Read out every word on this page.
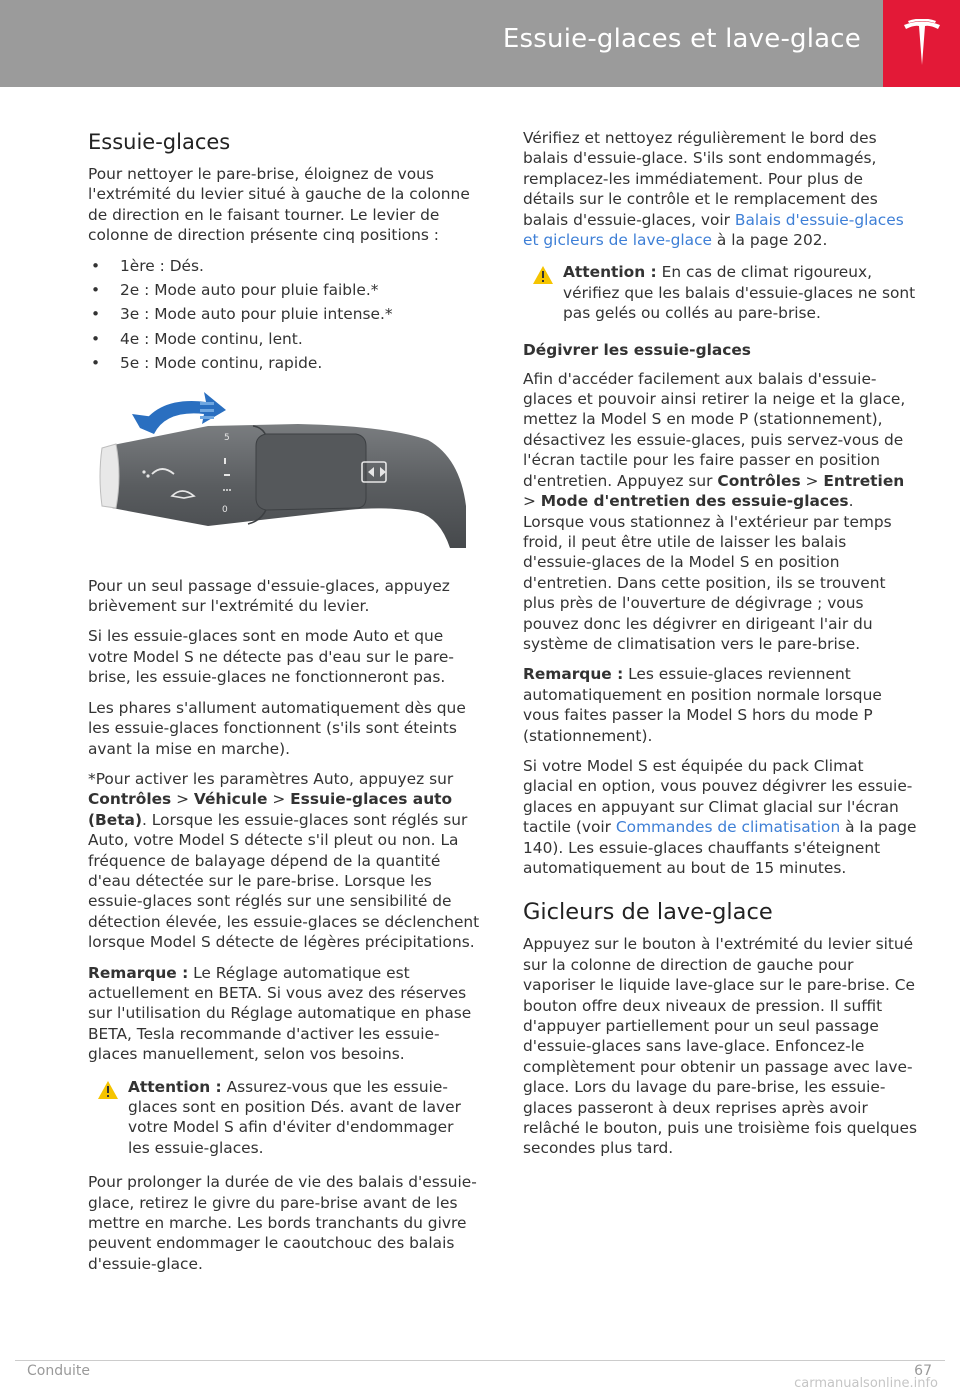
Essuie-glaces et lave-glace
Essuie-glaces

Pour nettoyer le pare-brise, éloignez de vous l'extrémité du levier situé à gauche de la colonne de direction en le faisant tourner. Le levier de colonne de direction présente cinq positions :

• 1ère : Dés.
• 2e : Mode auto pour pluie faible.*
• 3e : Mode auto pour pluie intense.*
• 4e : Mode continu, lent.
• 5e : Mode continu, rapide.
5
0

Pour un seul passage d'essuie-glaces, appuyez brièvement sur l'extrémité du levier.

Si les essuie-glaces sont en mode Auto et que votre Model S ne détecte pas d'eau sur le pare-brise, les essuie-glaces ne fonctionneront pas.

Les phares s'allument automatiquement dès que les essuie-glaces fonctionnent (s'ils sont éteints avant la mise en marche).

*Pour activer les paramètres Auto, appuyez sur Contrôles > Véhicule > Essuie-glaces auto (Beta). Lorsque les essuie-glaces sont réglés sur Auto, votre Model S détecte s'il pleut ou non. La fréquence de balayage dépend de la quantité d'eau détectée sur le pare-brise. Lorsque les essuie-glaces sont réglés sur une sensibilité de détection élevée, les essuie-glaces se déclenchent lorsque Model S détecte de légères précipitations.

Remarque : Le Réglage automatique est actuellement en BETA. Si vous avez des réserves sur l'utilisation du Réglage automatique en phase BETA, Tesla recommande d'activer les essuie-glaces manuellement, selon vos besoins.

Attention : Assurez-vous que les essuie-glaces sont en position Dés. avant de laver votre Model S afin d'éviter d'endommager les essuie-glaces.

Pour prolonger la durée de vie des balais d'essuie-glace, retirez le givre du pare-brise avant de les mettre en marche. Les bords tranchants du givre peuvent endommager le caoutchouc des balais d'essuie-glace.

Vérifiez et nettoyez régulièrement le bord des balais d'essuie-glace. S'ils sont endommagés, remplacez-les immédiatement. Pour plus de détails sur le contrôle et le remplacement des balais d'essuie-glaces, voir Balais d'essuie-glaces et gicleurs de lave-glace à la page 202.

Attention : En cas de climat rigoureux, vérifiez que les balais d'essuie-glaces ne sont pas gelés ou collés au pare-brise.
Dégivrer les essuie-glaces

Afin d'accéder facilement aux balais d'essuie-glaces et pouvoir ainsi retirer la neige et la glace, mettez la Model S en mode P (stationnement), désactivez les essuie-glaces, puis servez-vous de l'écran tactile pour les faire passer en position d'entretien. Appuyez sur Contrôles > Entretien > Mode d'entretien des essuie-glaces. Lorsque vous stationnez à l'extérieur par temps froid, il peut être utile de laisser les balais d'essuie-glaces de la Model S en position d'entretien. Dans cette position, ils se trouvent plus près de l'ouverture de dégivrage ; vous pouvez donc les dégivrer en dirigeant l'air du système de climatisation vers le pare-brise.

Remarque : Les essuie-glaces reviennent automatiquement en position normale lorsque vous faites passer la Model S hors du mode P (stationnement).

Si votre Model S est équipée du pack Climat glacial en option, vous pouvez dégivrer les essuie-glaces en appuyant sur Climat glacial sur l'écran tactile (voir Commandes de climatisation à la page 140). Les essuie-glaces chauffants s'éteignent automatiquement au bout de 15 minutes.

Gicleurs de lave-glace

Appuyez sur le bouton à l'extrémité du levier situé sur la colonne de direction de gauche pour vaporiser le liquide lave-glace sur le pare-brise. Ce bouton offre deux niveaux de pression. Il suffit d'appuyer partiellement pour un seul passage d'essuie-glaces sans lave-glace. Enfoncez-le complètement pour obtenir un passage avec lave-glace. Lors du lavage du pare-brise, les essuie-glaces passeront à deux reprises après avoir relâché le bouton, puis une troisième fois quelques secondes plus tard.

Conduite	67
carmanualsonline.info
